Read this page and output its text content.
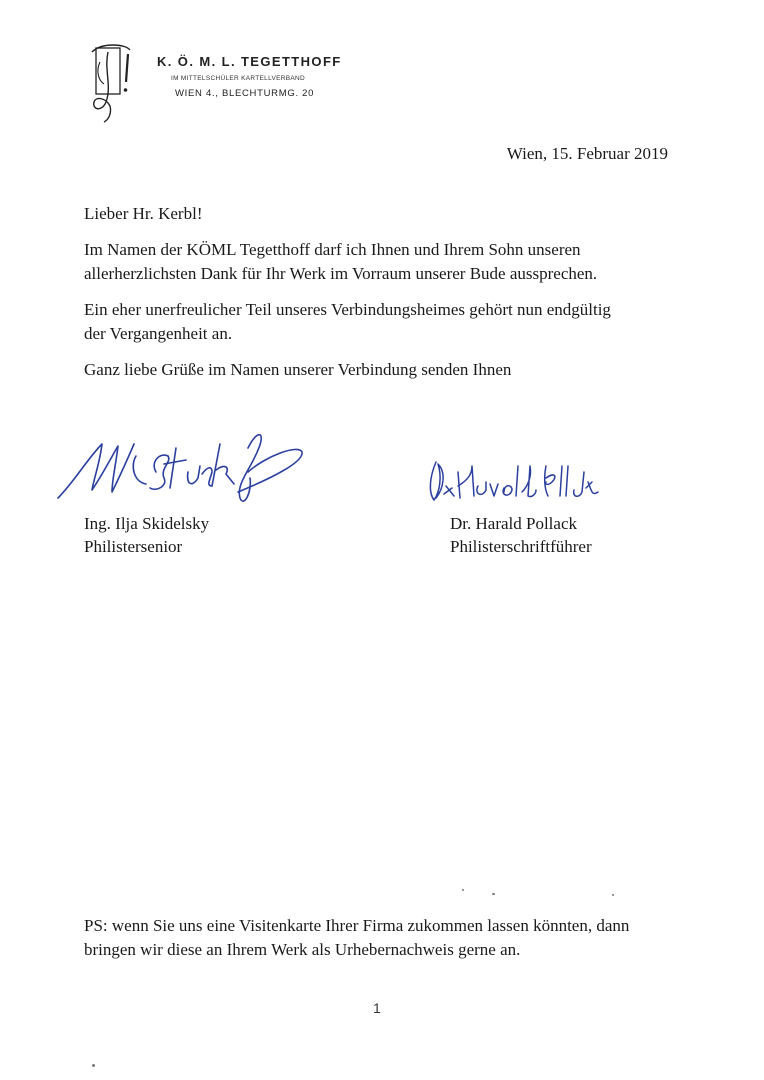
K. Ö. M. L. TEGETTHOFF
IM MITTELSCHÜLER KARTELLVERBAND
WIEN 4., BLECHTURMG. 20
Wien, 15. Februar 2019
Lieber Hr. Kerbl!
Im Namen der KÖML Tegetthoff darf ich Ihnen und Ihrem Sohn unseren
allerherzlichsten Dank für Ihr Werk im Vorraum unserer Bude aussprechen.
Ein eher unerfreulicher Teil unseres Verbindungsheimes gehört nun endgültig
der Vergangenheit an.
Ganz liebe Grüße im Namen unserer Verbindung senden Ihnen
Ing. Ilja Skidelsky
Philistersenior
Dr. Harald Pollack
Philisterschriftführer
PS: wenn Sie uns eine Visitenkarte Ihrer Firma zukommen lassen könnten, dann
bringen wir diese an Ihrem Werk als Urhebernachweis gerne an.
1
